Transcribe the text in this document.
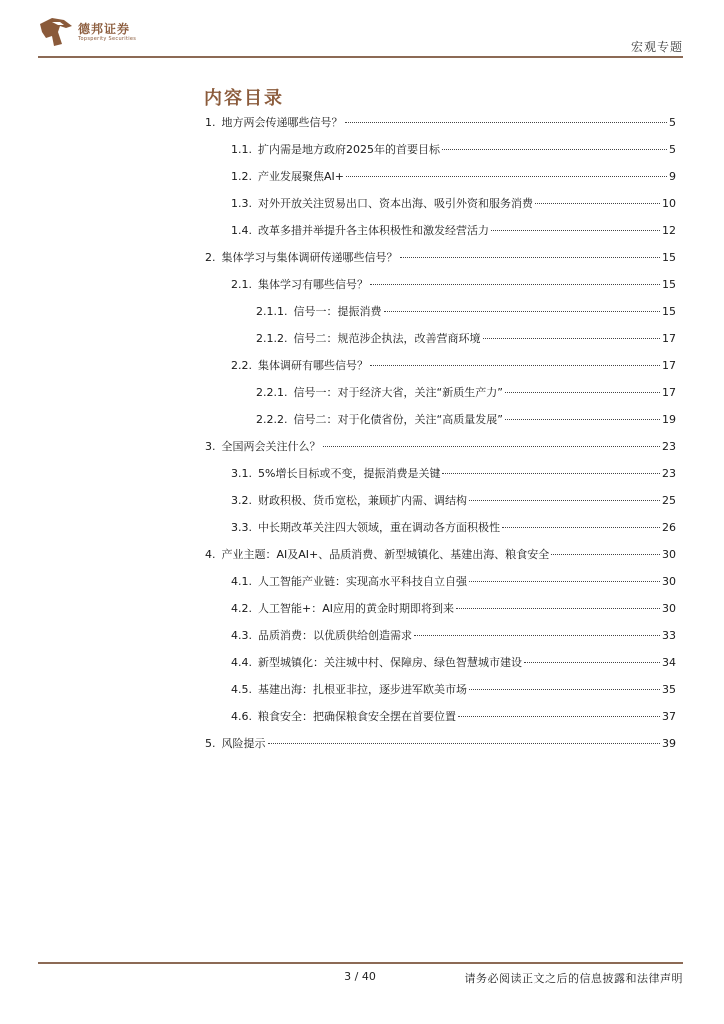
德邦证券
Topsperity Securities
宏观专题
内容目录
1. 地方两会传递哪些信号？	5
1.1. 扩内需是地方政府2025年的首要目标	5
1.2. 产业发展聚焦AI+	9
1.3. 对外开放关注贸易出口、资本出海、吸引外资和服务消费	10
1.4. 改革多措并举提升各主体积极性和激发经营活力	12
2. 集体学习与集体调研传递哪些信号？	15
2.1. 集体学习有哪些信号？	15
2.1.1. 信号一：提振消费	15
2.1.2. 信号二：规范涉企执法，改善营商环境	17
2.2. 集体调研有哪些信号？	17
2.2.1. 信号一：对于经济大省，关注“新质生产力”	17
2.2.2. 信号二：对于化债省份，关注“高质量发展”	19
3. 全国两会关注什么？	23
3.1. 5%增长目标或不变，提振消费是关键	23
3.2. 财政积极、货币宽松，兼顾扩内需、调结构	25
3.3. 中长期改革关注四大领域，重在调动各方面积极性	26
4. 产业主题：AI及AI+、品质消费、新型城镇化、基建出海、粮食安全	30
4.1. 人工智能产业链：实现高水平科技自立自强	30
4.2. 人工智能+：AI应用的黄金时期即将到来	30
4.3. 品质消费：以优质供给创造需求	33
4.4. 新型城镇化：关注城中村、保障房、绿色智慧城市建设	34
4.5. 基建出海：扎根亚非拉，逐步进军欧美市场	35
4.6. 粮食安全：把确保粮食安全摆在首要位置	37
5. 风险提示	39
3 / 40	请务必阅读正文之后的信息披露和法律声明
